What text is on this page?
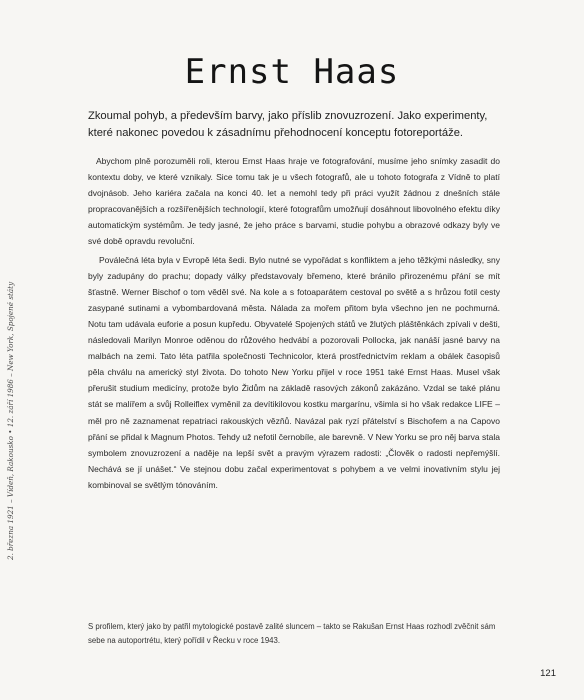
Ernst Haas
Zkoumal pohyb, a především barvy, jako příslib znovuzrození. Jako experimenty, které nakonec povedou k zásadnímu přehodnocení konceptu fotoreportáže.

Abychom plně porozuměli roli, kterou Ernst Haas hraje ve fotografování, musíme jeho snímky zasadit do kontextu doby, ve které vznikaly. Sice tomu tak je u všech fotografů, ale u tohoto fotografa z Vídně to platí dvojnásob. Jeho kariéra začala na konci 40. let a nemohl tedy při práci využít žádnou z dnešních stále propracovanějších a rozšířenějších technologií, které fotografům umožňují dosáhnout libovolného efektu díky automatickým systémům. Je tedy jasné, že jeho práce s barvami, studie pohybu a obrazové odkazy byly ve své době opravdu revoluční.

Poválečná léta byla v Evropě léta šedi. Bylo nutné se vypořádat s konfliktem a jeho těžkými následky, sny byly zadupány do prachu; dopady války představovaly břemeno, které bránilo přirozenému přání se mít šťastně. Werner Bischof o tom věděl své. Na kole a s fotoaparátem cestoval po světě a s hrůzou fotil cesty zasypané sutinami a vybombardovaná města. Nálada za mořem přitom byla všechno jen ne pochmurná. Notu tam udávala euforie a posun kupředu. Obyvatelé Spojených států ve žlutých pláštěnkách zpívali v dešti, následovali Marilyn Monroe oděnou do růžového hedvábí a pozorovali Pollocka, jak nanáší jasné barvy na malbách na zemi. Tato léta patřila společnosti Technicolor, která prostřednictvím reklam a obálek časopisů pěla chválu na americký styl života. Do tohoto New Yorku přijel v roce 1951 také Ernst Haas. Musel však přerušit studium medicíny, protože bylo Židům na základě rasových zákonů zakázáno. Vzdal se také plánu stát se malířem a svůj Rolleiflex vyměnil za devítikilovou kostku margarínu, všimla si ho však redakce LIFE – měl pro ně zaznamenat repatriaci rakouských vězňů. Navázal pak ryzí přátelství s Bischofem a na Capovo přání se přidal k Magnum Photos. Tehdy už nefotil černobíle, ale barevně. V New Yorku se pro něj barva stala symbolem znovuzrození a naděje na lepší svět a pravým výrazem radosti: „Člověk o radosti nepřemýšlí. Nechává se jí unášet.“ Ve stejnou dobu začal experimentovat s pohybem a ve velmi inovativním stylu jej kombinoval se světlým tónováním.

2. března 1921 – Vídeň, Rakousko • 12. září 1986 – New York, Spojené státy
S profilem, který jako by patřil mytologické postavě zalité sluncem – takto se Rakušan Ernst Haas rozhodl zvěčnit sám sebe na autoportrétu, který pořídil v Řecku v roce 1943.
121
